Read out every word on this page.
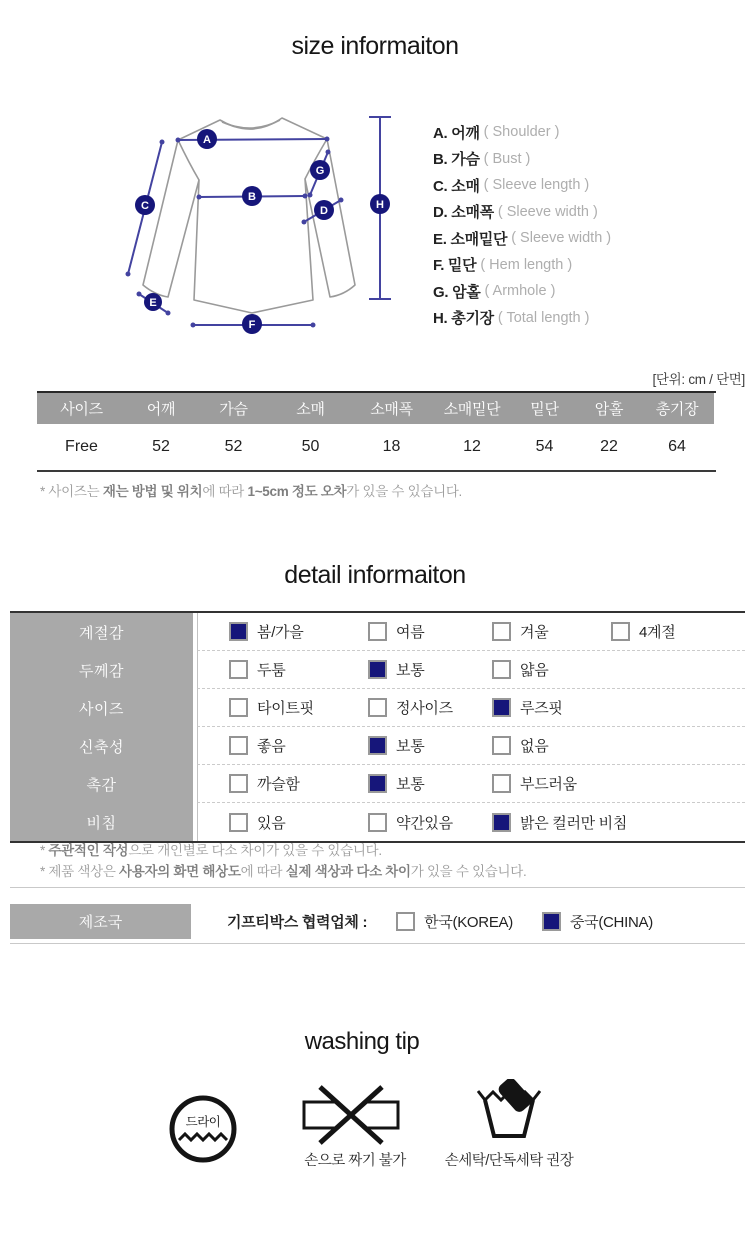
size informaiton
A
B
C	D
E
F
G
H
A. 어깨 ( Shoulder )
B. 가슴 ( Bust )
C. 소매 ( Sleeve length )
D. 소매폭 ( Sleeve width )
E. 소매밑단 ( Sleeve width )
F. 밑단 ( Hem length )
G. 암홀 ( Armhole )
H. 총기장 ( Total length )
[단위: cm / 단면]
사이즈	어깨	가슴	소매	소매폭	소매밑단	밑단	암홀	총기장
Free	52	52	50	18	12	54	22	64
* 사이즈는 재는 방법 및 위치에 따라 1~5cm 정도 오차가 있을 수 있습니다.
detail informaiton
계절감	봄/가을	여름	겨울	4계절
두께감	두툼	보통	얇음
사이즈	타이트핏	정사이즈	루즈핏
신축성	좋음	보통	없음
촉감	까슬함	보통	부드러움
비침	있음	약간있음	밝은 컬러만 비침
* 주관적인 작성으로 개인별로 다소 차이가 있을 수 있습니다.
* 제품 색상은 사용자의 화면 해상도에 따라 실제 색상과 다소 차이가 있을 수 있습니다.
제조국	기프티박스 협력업체 :	한국(KOREA)	중국(CHINA)
washing tip
드라이
손으로 짜기 불가	손세탁/단독세탁 권장
